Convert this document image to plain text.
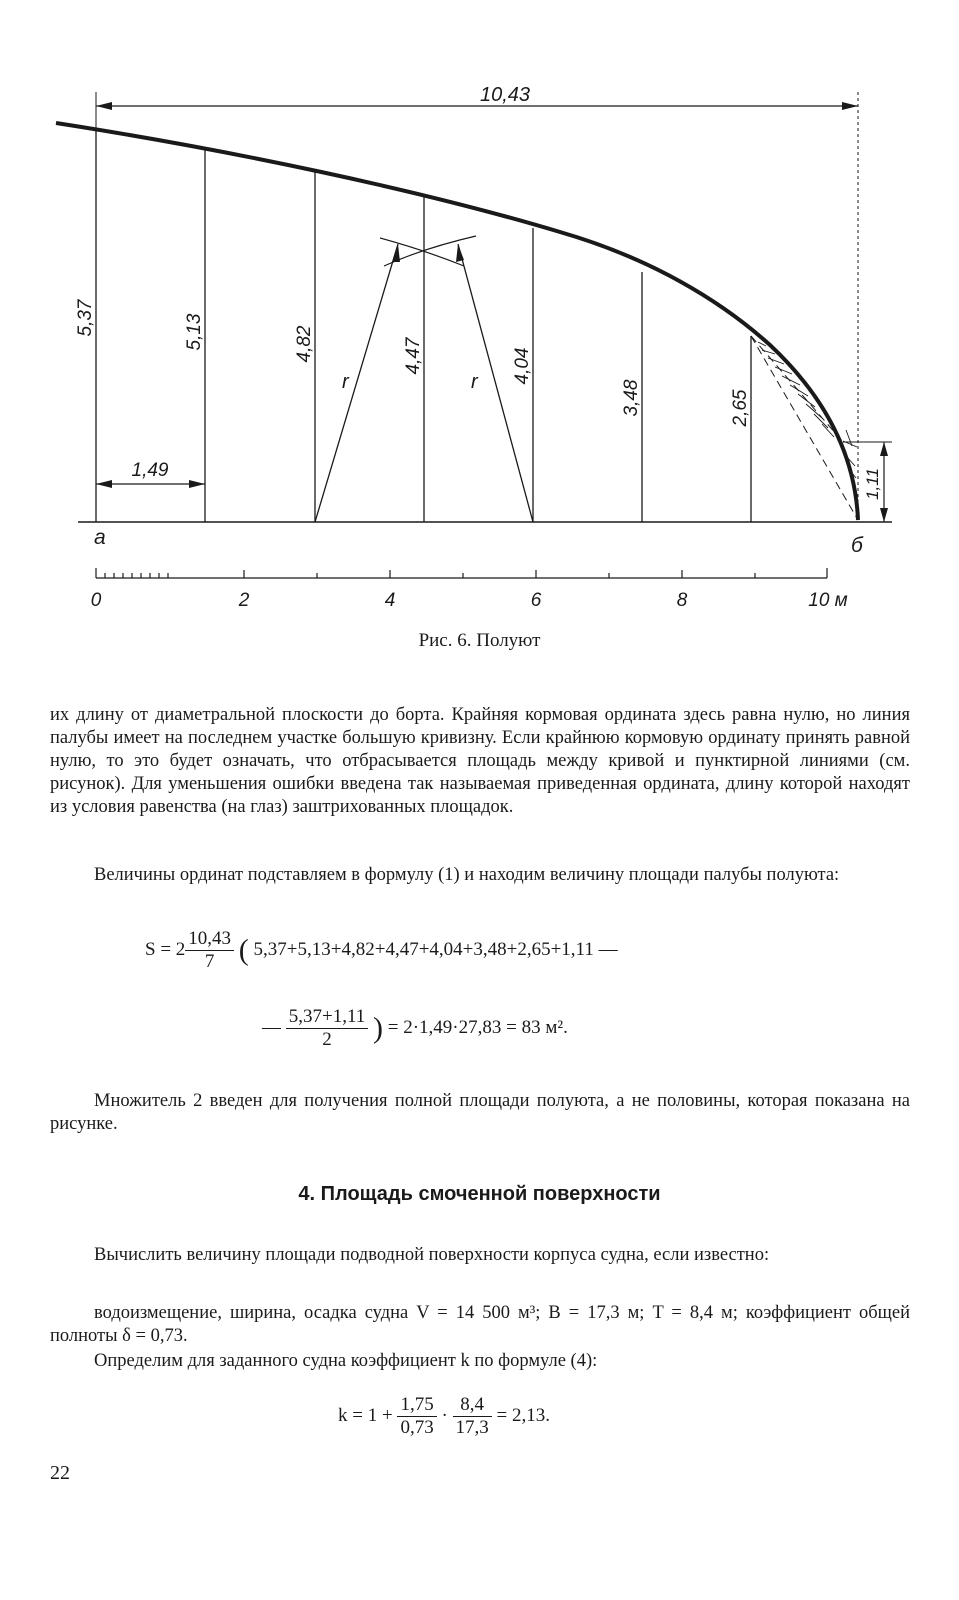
10,43
1,49
r	r
5,37	5,13	4,82	4,47	4,04
3,48	2,65
1,11
a	б
0	2	4	6	8	10 м
Рис. 6. Полуют
их длину от диаметральной плоскости до борта. Крайняя кормовая ордината здесь равна нулю, но линия палубы имеет на последнем участке большую кривизну. Если крайнюю кормовую ординату принять равной нулю, то это будет означать, что отбрасывается площадь между кривой и пунктирной линиями (см. рисунок). Для уменьшения ошибки введена так называемая приведенная ордината, длину которой находят из условия равенства (на глаз) заштрихованных площадок.
Величины ординат подставляем в формулу (1) и находим величину площади палубы полуюта:
$S = 2 \frac{10,43}{7}$ ( 5,37+5,13+4,82+4,47+4,04+3,48+2,65+1,11 —
— $\frac{5,37+1,11}{2}$ ) = 2·1,49·27,83 = 83 м².
Множитель 2 введен для получения полной площади полуюта, а не половины, которая показана на рисунке.
4. Площадь смоченной поверхности
Вычислить величину площади подводной поверхности корпуса судна, если известно:
водоизмещение, ширина, осадка судна V = 14 500 м³; B = 17,3 м; T = 8,4 м; коэффициент общей полноты δ = 0,73.
Определим для заданного судна коэффициент k по формуле (4):
$k = 1 + \frac{1,75}{0,73} \cdot \frac{8,4}{17,3} = 2,13$.
22
